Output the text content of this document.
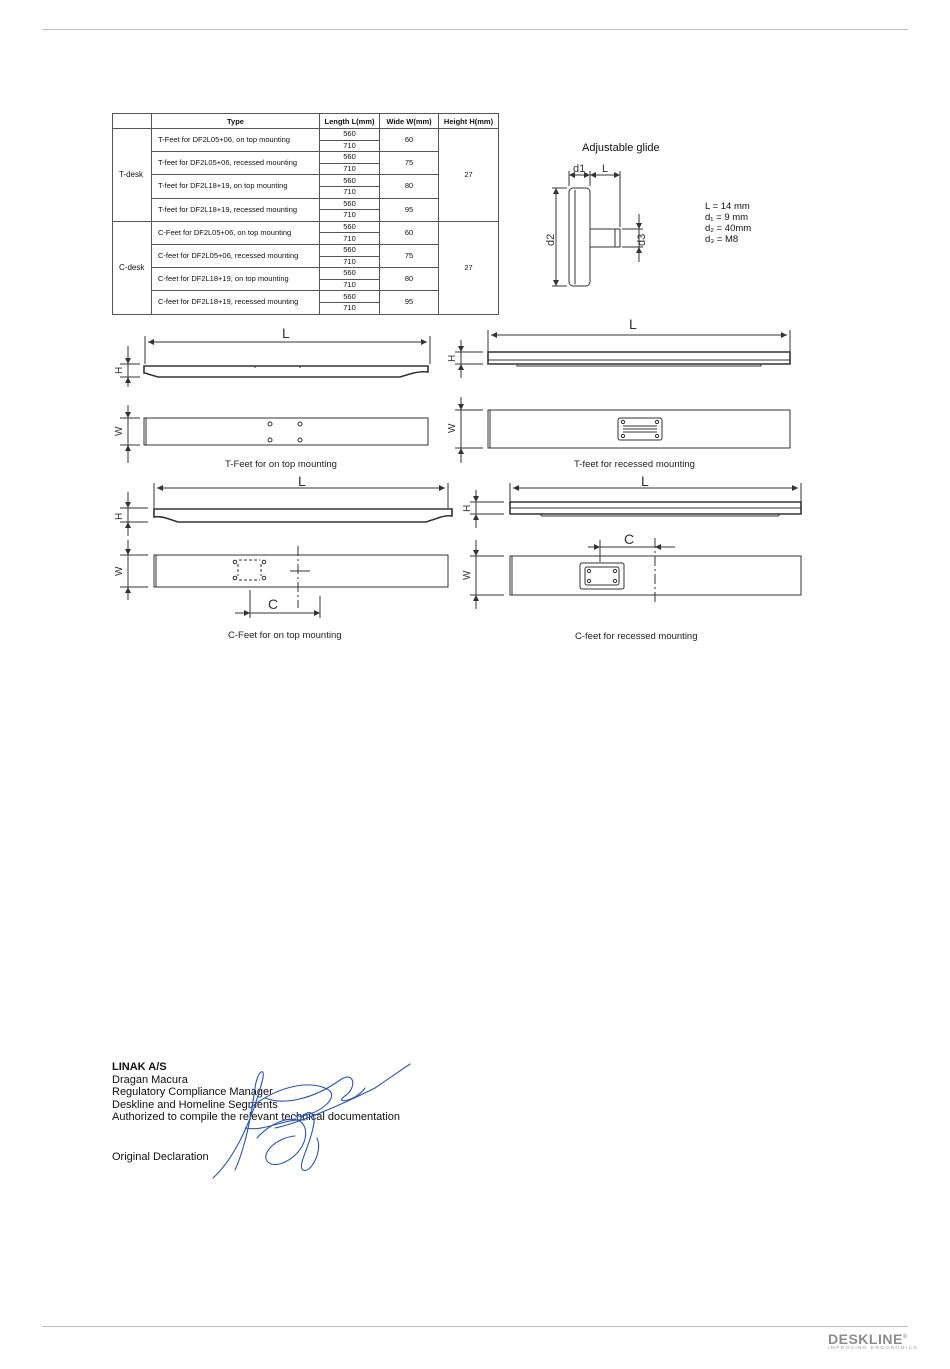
	Type	Length L(mm)	Wide W(mm)	Height H(mm)
T-desk	T-Feet for DF2L05+06, on top mounting	560	60	27
		710		
	T-feet for DF2L05+06, recessed mounting	560	75	
		710		
	T-feet for DF2L18+19, on top mounting	560	80	
		710		
	T-feet for DF2L18+19, recessed mounting	560	95	
		710		
C-desk	C-Feet for DF2L05+06, on top mounting	560	60	27
		710		
	C-feet for DF2L05+06, recessed mounting	560	75	
		710		
	C-feet for DF2L18+19, on top mounting	560	80	
		710		
	C-feet for DF2L18+19, recessed mounting	560	95	
		710		
Adjustable glide
d1 L
d2	d3
L = 14 mm
d₁ = 9 mm
d₂ = 40mm
d₃ = M8
L
H
W
T-Feet for on top mounting
L
H
W
T-feet for recessed mounting
L
H
W
C
C-Feet for on top mounting
L
H
W
C
C-feet for recessed mounting
LINAK A/S
Dragan Macura
Regulatory Compliance Manager
Deskline and Homeline Segments
Authorized to compile the relevant technical documentation
Original Declaration
DESKLINE®
IMPROVING ERGONOMICS
